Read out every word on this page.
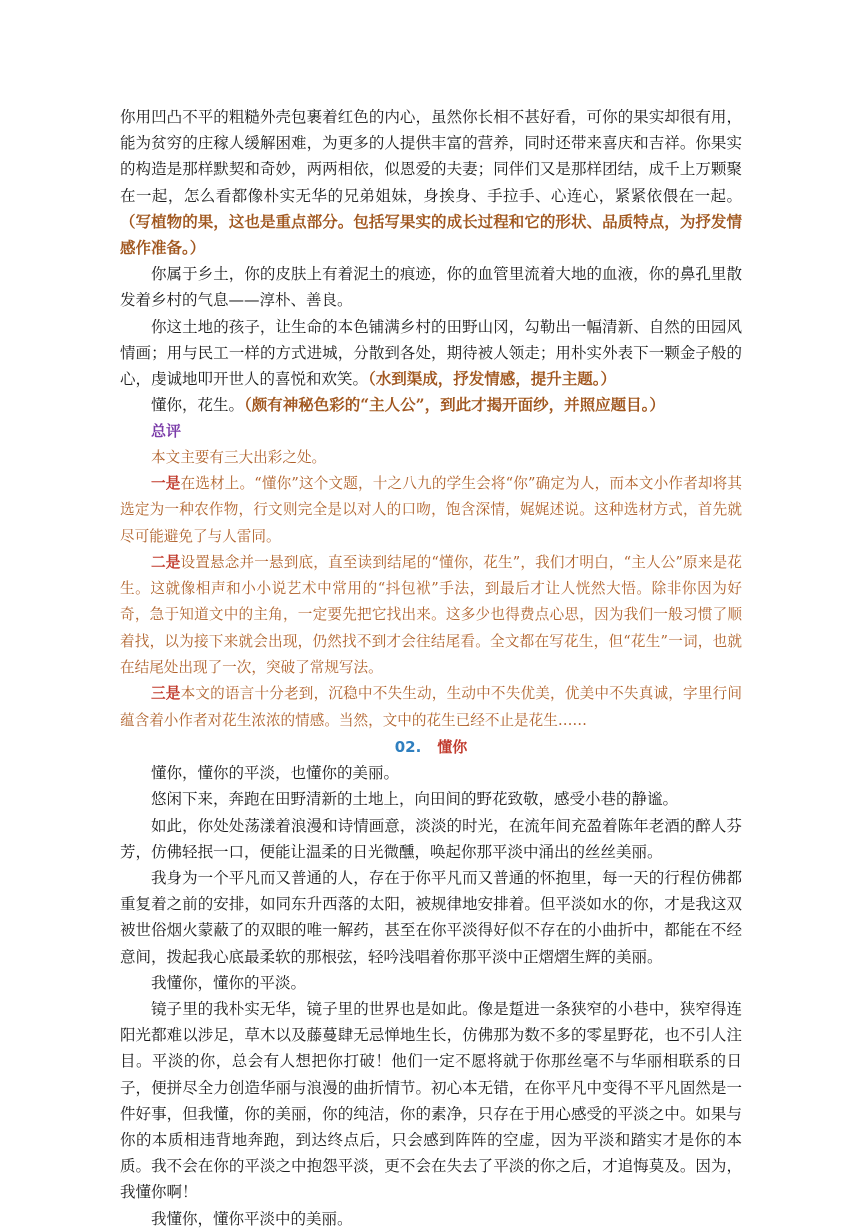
你用凹凸不平的粗糙外壳包裹着红色的内心，虽然你长相不甚好看，可你的果实却很有用，能为贫穷的庄稼人缓解困难，为更多的人提供丰富的营养，同时还带来喜庆和吉祥。你果实的构造是那样默契和奇妙，两两相依，似恩爱的夫妻；同伴们又是那样团结，成千上万颗聚在一起，怎么看都像朴实无华的兄弟姐妹，身挨身、手拉手、心连心，紧紧依偎在一起。（写植物的果，这也是重点部分。包括写果实的成长过程和它的形状、品质特点，为抒发情感作准备。）

你属于乡土，你的皮肤上有着泥土的痕迹，你的血管里流着大地的血液，你的鼻孔里散发着乡村的气息——淳朴、善良。

你这土地的孩子，让生命的本色铺满乡村的田野山冈，勾勒出一幅清新、自然的田园风情画；用与民工一样的方式进城，分散到各处，期待被人领走；用朴实外表下一颗金子般的心，虔诚地叩开世人的喜悦和欢笑。（水到渠成，抒发情感，提升主题。）

懂你，花生。（颇有神秘色彩的“主人公”，到此才揭开面纱，并照应题目。）

总评

本文主要有三大出彩之处。

一是在选材上。“懂你”这个文题，十之八九的学生会将“你”确定为人，而本文小作者却将其选定为一种农作物，行文则完全是以对人的口吻，饱含深情，娓娓述说。这种选材方式，首先就尽可能避免了与人雷同。

二是设置悬念并一悬到底，直至读到结尾的“懂你，花生”，我们才明白，“主人公”原来是花生。这就像相声和小小说艺术中常用的“抖包袱”手法，到最后才让人恍然大悟。除非你因为好奇，急于知道文中的主角，一定要先把它找出来。这多少也得费点心思，因为我们一般习惯了顺着找，以为接下来就会出现，仍然找不到才会往结尾看。全文都在写花生，但“花生”一词，也就在结尾处出现了一次，突破了常规写法。

三是本文的语言十分老到，沉稳中不失生动，生动中不失优美，优美中不失真诚，字里行间蕴含着小作者对花生浓浓的情感。当然，文中的花生已经不止是花生……

02. 懂你

懂你，懂你的平淡，也懂你的美丽。

悠闲下来，奔跑在田野清新的土地上，向田间的野花致敬，感受小巷的静谧。

如此，你处处荡漾着浪漫和诗情画意，淡淡的时光，在流年间充盈着陈年老酒的醉人芬芳，仿佛轻抿一口，便能让温柔的日光微醺，唤起你那平淡中涌出的丝丝美丽。

我身为一个平凡而又普通的人，存在于你平凡而又普通的怀抱里，每一天的行程仿佛都重复着之前的安排，如同东升西落的太阳，被规律地安排着。但平淡如水的你，才是我这双被世俗烟火蒙蔽了的双眼的唯一解药，甚至在你平淡得好似不存在的小曲折中，都能在不经意间，拨起我心底最柔软的那根弦，轻吟浅唱着你那平淡中正熠熠生辉的美丽。

我懂你，懂你的平淡。

镜子里的我朴实无华，镜子里的世界也是如此。像是踅进一条狭窄的小巷中，狭窄得连阳光都难以涉足，草木以及藤蔓肆无忌惮地生长，仿佛那为数不多的零星野花，也不引人注目。平淡的你，总会有人想把你打破！他们一定不愿将就于你那丝毫不与华丽相联系的日子，便拼尽全力创造华丽与浪漫的曲折情节。初心本无错，在你平凡中变得不平凡固然是一件好事，但我懂，你的美丽，你的纯洁，你的素净，只存在于用心感受的平淡之中。如果与你的本质相违背地奔跑，到达终点后，只会感到阵阵的空虚，因为平淡和踏实才是你的本质。我不会在你的平淡之中抱怨平淡，更不会在失去了平淡的你之后，才追悔莫及。因为，我懂你啊！

我懂你，懂你平淡中的美丽。
